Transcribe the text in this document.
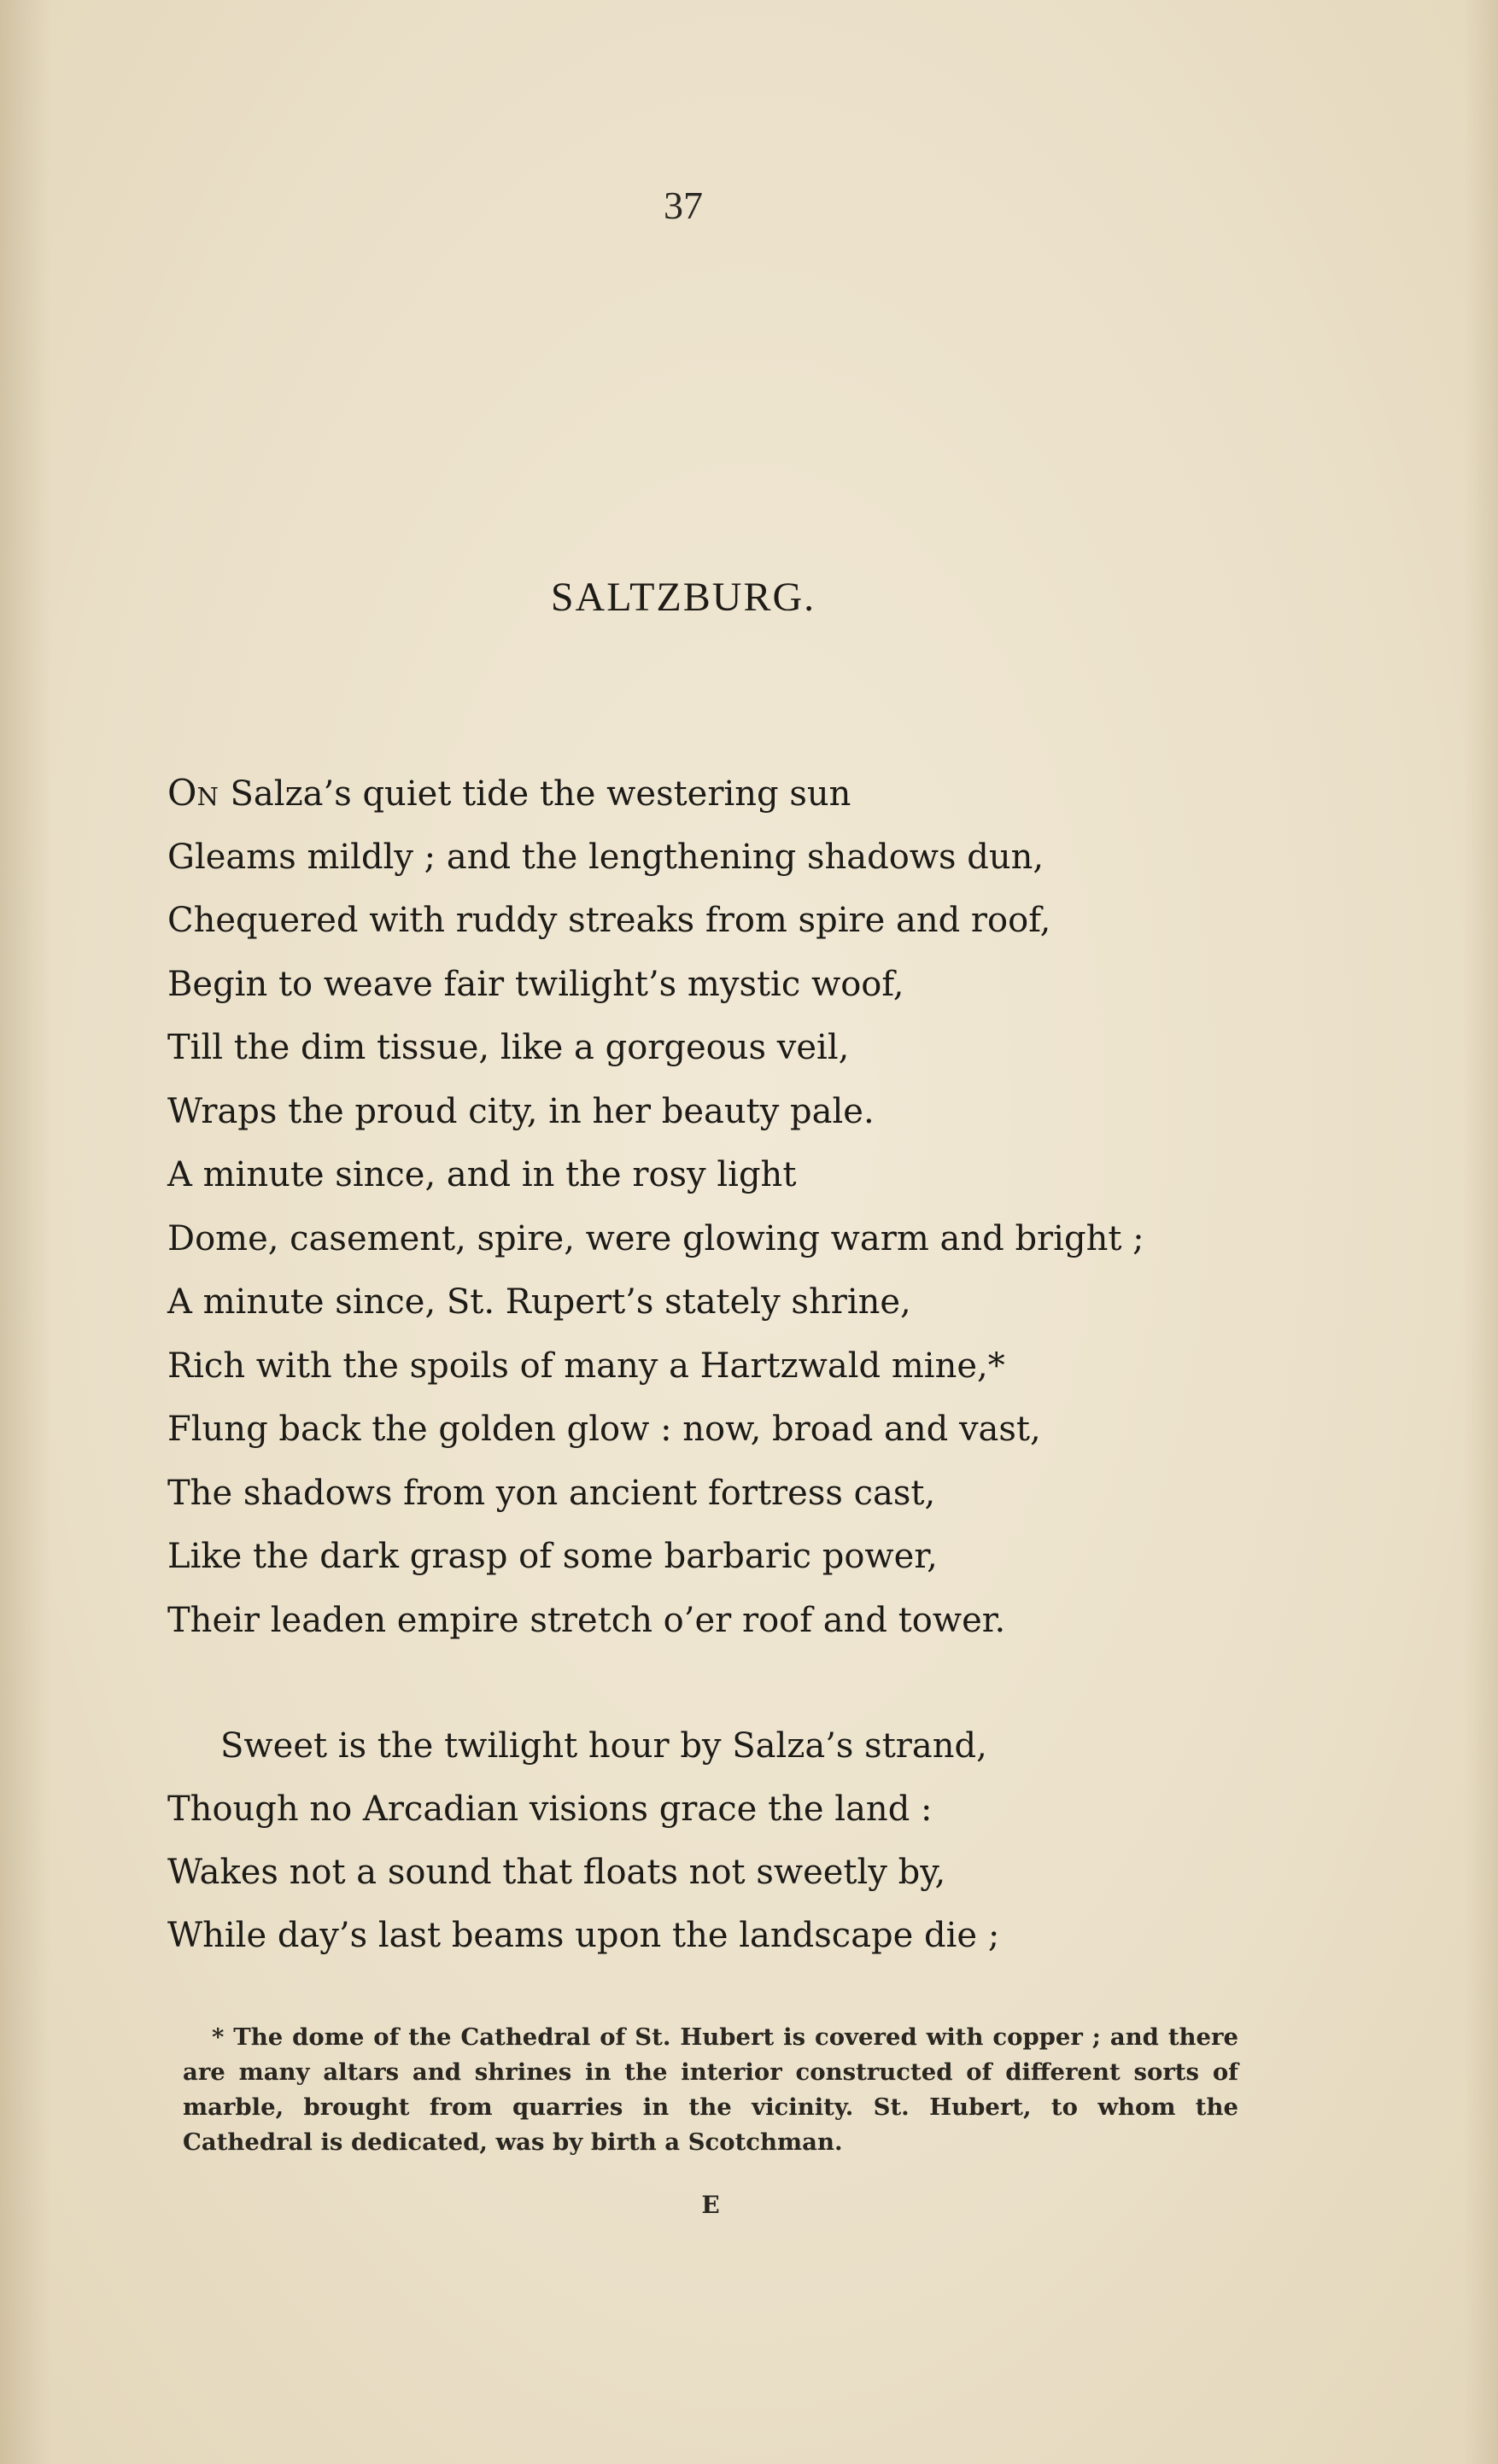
37
SALTZBURG.
ON Salza’s quiet tide the westering sun
Gleams mildly ; and the lengthening shadows dun,
Chequered with ruddy streaks from spire and roof,
Begin to weave fair twilight’s mystic woof,
Till the dim tissue, like a gorgeous veil,
Wraps the proud city, in her beauty pale.
A minute since, and in the rosy light
Dome, casement, spire, were glowing warm and bright ;
A minute since, St. Rupert’s stately shrine,
Rich with the spoils of many a Hartzwald mine,*
Flung back the golden glow : now, broad and vast,
The shadows from yon ancient fortress cast,
Like the dark grasp of some barbaric power,
Their leaden empire stretch o’er roof and tower.
Sweet is the twilight hour by Salza’s strand,
Though no Arcadian visions grace the land :
Wakes not a sound that floats not sweetly by,
While day’s last beams upon the landscape die ;
* The dome of the Cathedral of St. Hubert is covered with copper ; and there are many altars and shrines in the interior constructed of different sorts of marble, brought from quarries in the vicinity. St. Hubert, to whom the Cathedral is dedicated, was by birth a Scotchman.
E
